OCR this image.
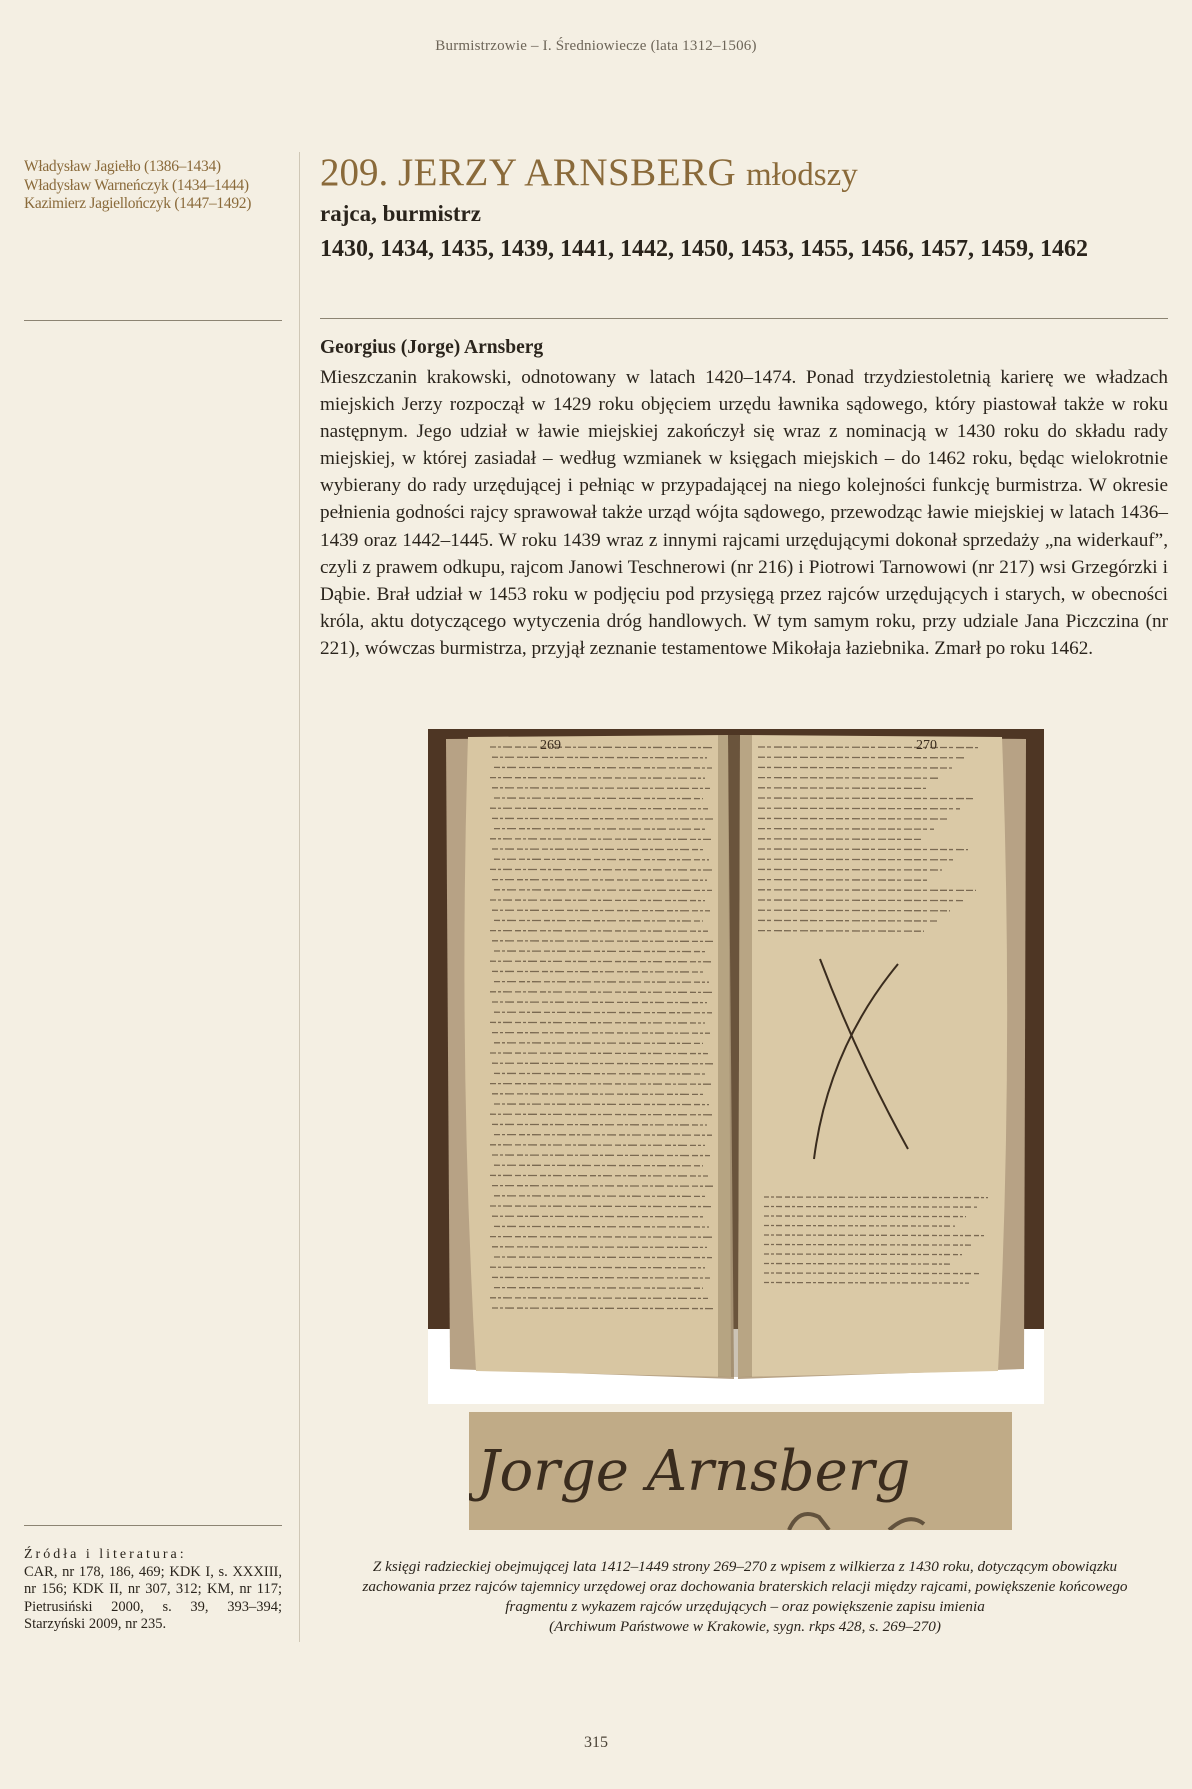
Burmistrzowie – I. Średniowiecze (lata 1312–1506)
Władysław Jagiełło (1386–1434)
Władysław Warneńczyk (1434–1444)
Kazimierz Jagiellończyk (1447–1492)
Źródła i literatura:
CAR, nr 178, 186, 469; KDK I, s. XXXIII, nr 156; KDK II, nr 307, 312; KM, nr 117; Pietrusiński 2000, s. 39, 393–394; Starzyński 2009, nr 235.
209. JERZY ARNSBERG młodszy
rajca, burmistrz
1430, 1434, 1435, 1439, 1441, 1442, 1450, 1453, 1455, 1456, 1457, 1459, 1462
Georgius (Jorge) Arnsberg
Mieszczanin krakowski, odnotowany w latach 1420–1474. Ponad trzydziestoletnią karierę we władzach miejskich Jerzy rozpoczął w 1429 roku objęciem urzędu ławnika sądowego, który piastował także w roku następnym. Jego udział w ławie miejskiej zakończył się wraz z nominacją w 1430 roku do składu rady miejskiej, w której zasiadał – według wzmianek w księgach miejskich – do 1462 roku, będąc wielokrotnie wybierany do rady urzędującej i pełniąc w przypadającej na niego kolejności funkcję burmistrza. W okresie pełnienia godności rajcy sprawował także urząd wójta sądowego, przewodząc ławie miejskiej w latach 1436–1439 oraz 1442–1445. W roku 1439 wraz z innymi rajcami urzędującymi dokonał sprzedaży „na widerkauf”, czyli z prawem odkupu, rajcom Janowi Teschnerowi (nr 216) i Piotrowi Tarnowowi (nr 217) wsi Grzegórzki i Dąbie. Brał udział w 1453 roku w podjęciu pod przysięgą przez rajców urzędujących i starych, w obecności króla, aktu dotyczącego wytyczenia dróg handlowych. W tym samym roku, przy udziale Jana Piczczina (nr 221), wówczas burmistrza, przyjął zeznanie testamentowe Mikołaja łaziebnika. Zmarł po roku 1462.
269	270
Jorge Arnsberg
Z księgi radzieckiej obejmującej lata 1412–1449 strony 269–270 z wpisem z wilkierza z 1430 roku, dotyczącym obowiązku
zachowania przez rajców tajemnicy urzędowej oraz dochowania braterskich relacji między rajcami, powiększenie końcowego
fragmentu z wykazem rajców urzędujących – oraz powiększenie zapisu imienia
(Archiwum Państwowe w Krakowie, sygn. rkps 428, s. 269–270)
315
